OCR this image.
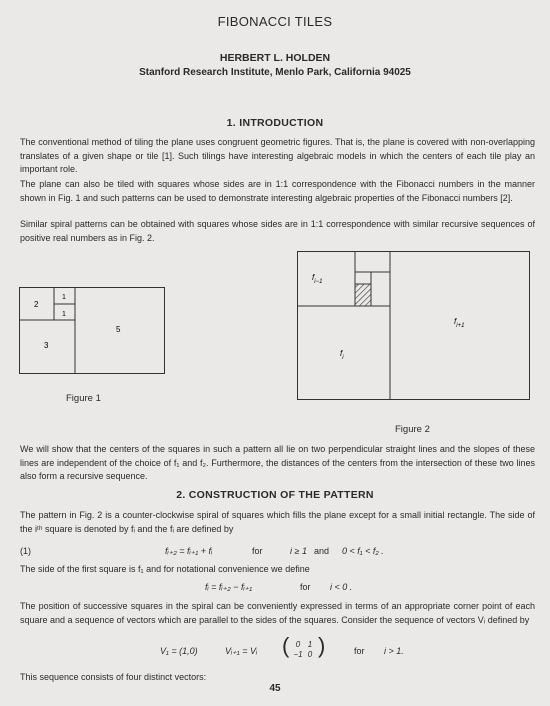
FIBONACCI TILES
HERBERT L. HOLDEN
Stanford Research Institute, Menlo Park, California 94025
1. INTRODUCTION
The conventional method of tiling the plane uses congruent geometric figures. That is, the plane is covered with non-overlapping translates of a given shape or tile [1]. Such tilings have interesting algebraic models in which the centers of each tile play an important role.
The plane can also be tiled with squares whose sides are in 1:1 correspondence with the Fibonacci numbers in the manner shown in Fig. 1 and such patterns can be used to demonstrate interesting algebraic properties of the Fibonacci numbers [2].
Similar spiral patterns can be obtained with squares whose sides are in 1:1 correspondence with similar recursive sequences of positive real numbers as in Fig. 2.
2
1
1
3
5
Figure 1
$f_{i-1}$
$f_i$
$f_{i+1}$
Figure 2
We will show that the centers of the squares in such a pattern all lie on two perpendicular straight lines and the slopes of these lines are independent of the choice of f₁ and f₂. Furthermore, the distances of the centers from the intersection of these two lines also form a recursive sequence.
2. CONSTRUCTION OF THE PATTERN
The pattern in Fig. 2 is a counter-clockwise spiral of squares which fills the plane except for a small initial rectangle. The side of the iᵗʰ square is denoted by fᵢ and the fᵢ are defined by
(1)	fᵢ₊₂ = fᵢ₊₁ + fᵢ	for	i ≥ 1 and 0 < f₁ < f₂ .
The side of the first square is f₁ and for notational convenience we define
fᵢ = fᵢ₊₂ − fᵢ₊₁	for i < 0 .
The position of successive squares in the spiral can be conveniently expressed in terms of an appropriate corner point of each square and a sequence of vectors which are parallel to the sides of the squares. Consider the sequence of vectors Vᵢ defined by
V₁ = (1,0)	Vᵢ₊₁ = Vᵢ ( 0 1
−1 0 )	for i > 1.
This sequence consists of four distinct vectors:
45
